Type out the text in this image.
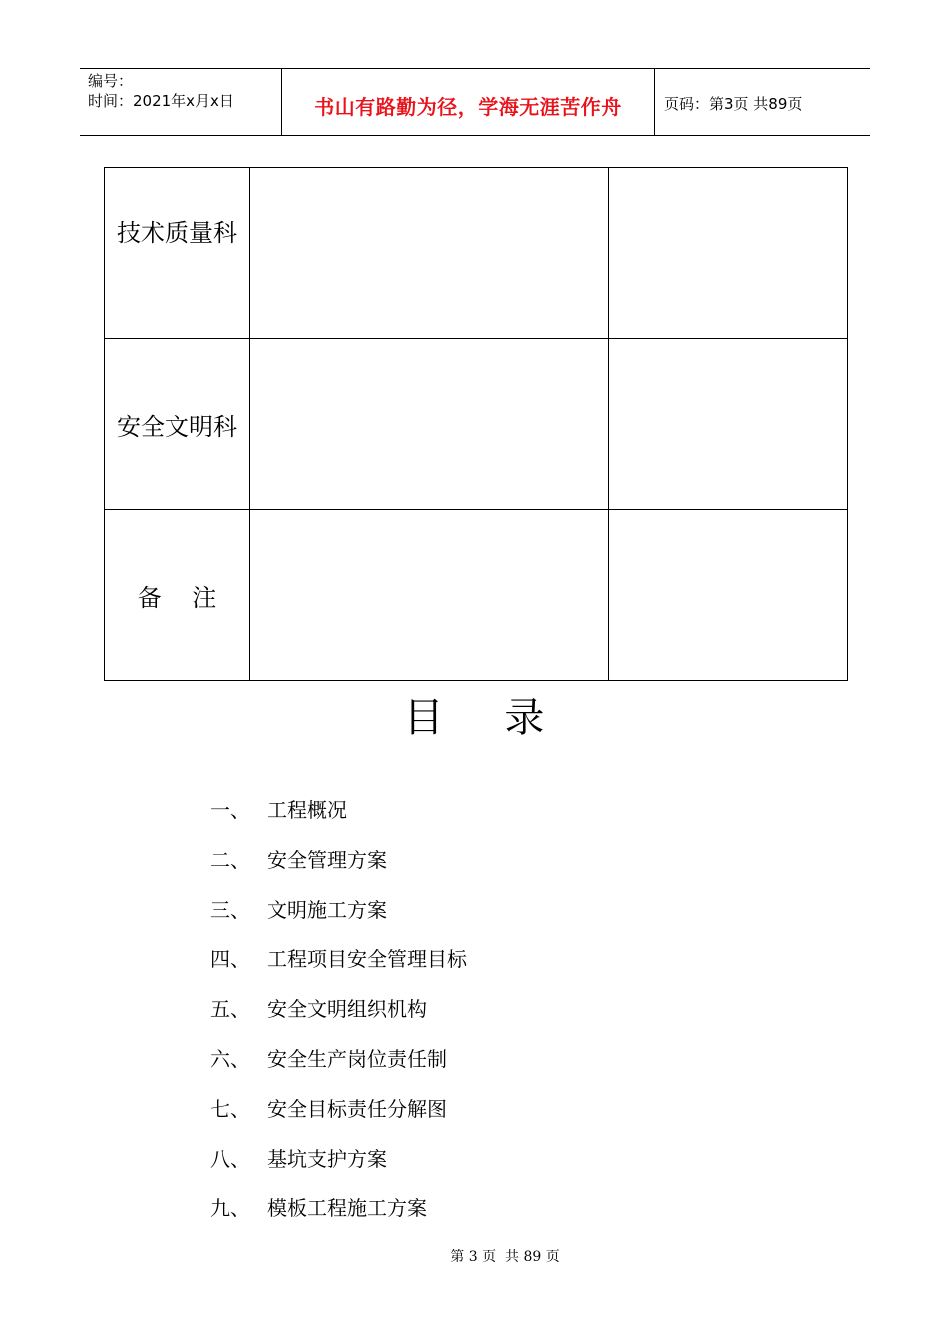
编号：
时间：2021年x月x日	书山有路勤为径，学海无涯苦作舟	页码：第3页 共89页
技术质量科		

安全文明科		

备    注		

目    录
一、 工程概况
二、 安全管理方案
三、 文明施工方案
四、 工程项目安全管理目标
五、 安全文明组织机构
六、 安全生产岗位责任制
七、 安全目标责任分解图
八、 基坑支护方案
九、 模板工程施工方案
第 3 页  共 89 页
